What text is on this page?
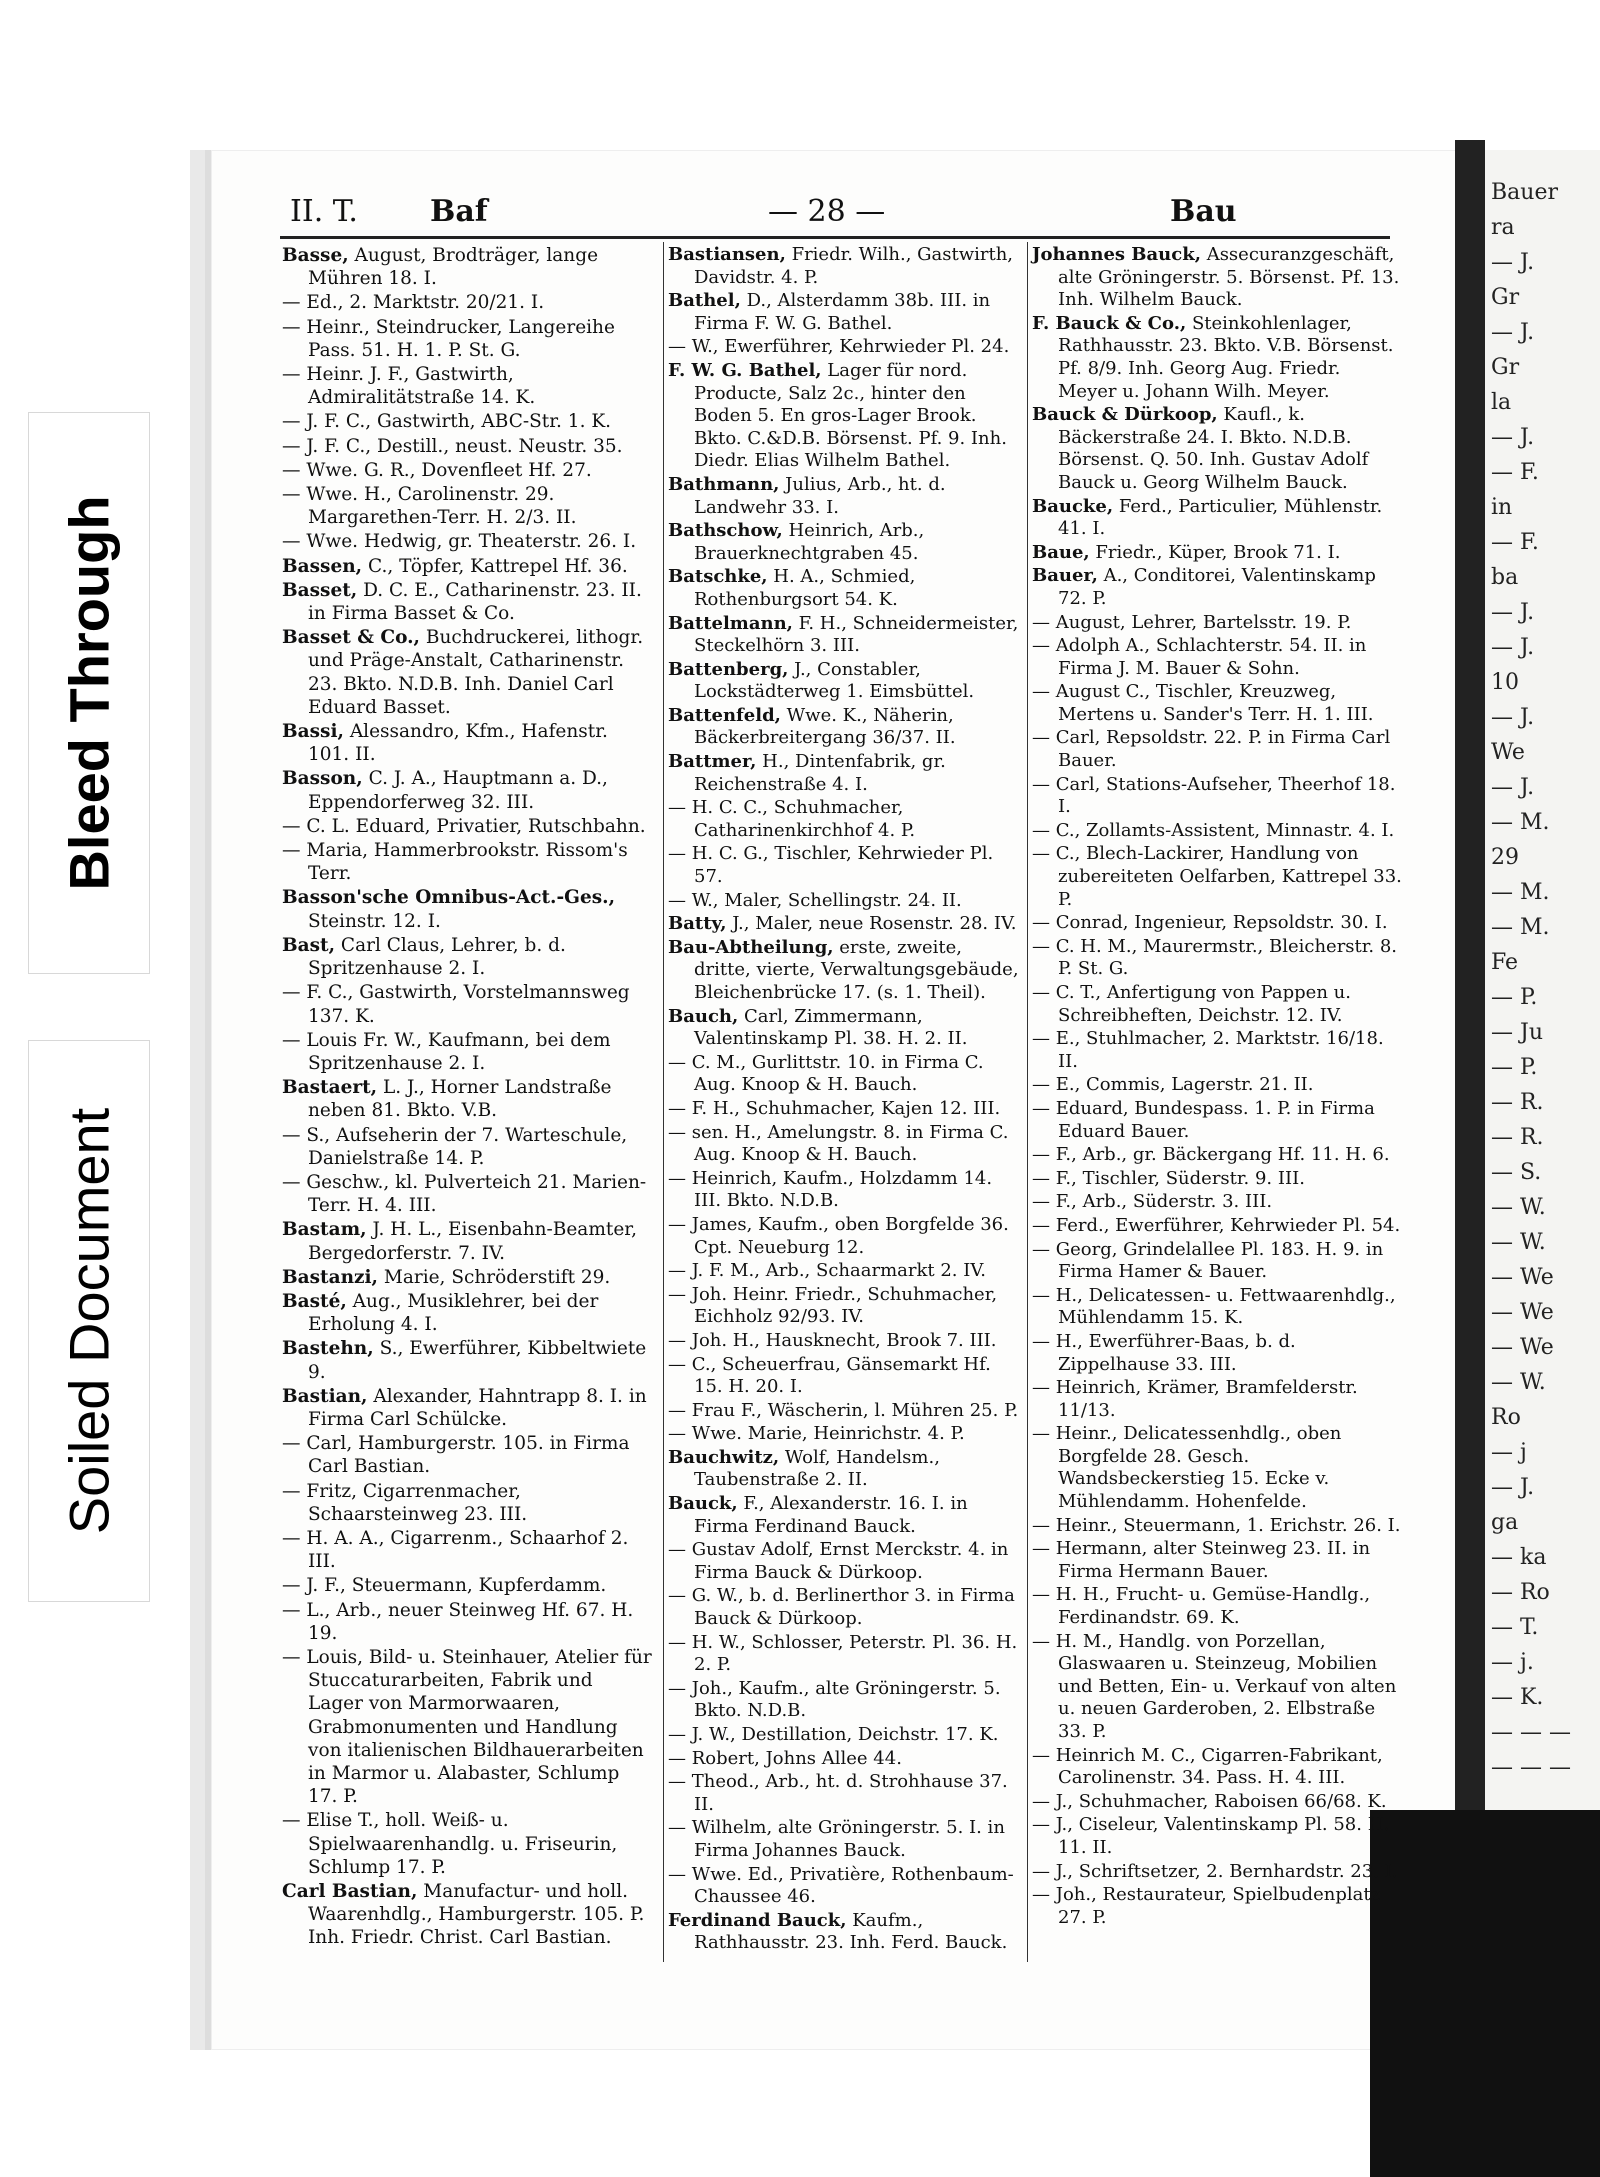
Bleed Through
Soiled Document
Bauer
ra
— J.
Gr
— J.
Gr
la
— J.
— F.
in
— F.
ba
— J.
— J.
10
— J.
We
— J.
— M.
29
— M.
— M.
Fe
— P.
— Ju
— P.
— R.
— R.
— S.
— W.
— W.
— We
— We
— We
— W.
Ro
— j
— J.
ga
— ka
— Ro
— T.
— j.
— K.
— — —
— — —
II. T. Baf	— 28 —	Bau
Basse, August, Brodträger, lange Mühren 18. I.
— Ed., 2. Marktstr. 20/21. I.
— Heinr., Steindrucker, Langereihe Pass. 51. H. 1. P. St. G.
— Heinr. J. F., Gastwirth, Admiralitätstraße 14. K.
— J. F. C., Gastwirth, ABC-Str. 1. K.
— J. F. C., Destill., neust. Neustr. 35.
— Wwe. G. R., Dovenfleet Hf. 27.
— Wwe. H., Carolinenstr. 29. Margarethen-Terr. H. 2/3. II.
— Wwe. Hedwig, gr. Theaterstr. 26. I.
Bassen, C., Töpfer, Kattrepel Hf. 36.
Basset, D. C. E., Catharinenstr. 23. II. in Firma Basset & Co.
Basset & Co., Buchdruckerei, lithogr. und Präge-Anstalt, Catharinenstr. 23. Bkto. N.D.B. Inh. Daniel Carl Eduard Basset.
Bassi, Alessandro, Kfm., Hafenstr. 101. II.
Basson, C. J. A., Hauptmann a. D., Eppendorferweg 32. III.
— C. L. Eduard, Privatier, Rutschbahn.
— Maria, Hammerbrookstr. Rissom's Terr.
Basson'sche Omnibus-Act.-Ges., Steinstr. 12. I.
Bast, Carl Claus, Lehrer, b. d. Spritzenhause 2. I.
— F. C., Gastwirth, Vorstelmannsweg 137. K.
— Louis Fr. W., Kaufmann, bei dem Spritzenhause 2. I.
Bastaert, L. J., Horner Landstraße neben 81. Bkto. V.B.
— S., Aufseherin der 7. Warteschule, Danielstraße 14. P.
— Geschw., kl. Pulverteich 21. Marien-Terr. H. 4. III.
Bastam, J. H. L., Eisenbahn-Beamter, Bergedorferstr. 7. IV.
Bastanzi, Marie, Schröderstift 29.
Basté, Aug., Musiklehrer, bei der Erholung 4. I.
Bastehn, S., Ewerführer, Kibbeltwiete 9.
Bastian, Alexander, Hahntrapp 8. I. in Firma Carl Schülcke.
— Carl, Hamburgerstr. 105. in Firma Carl Bastian.
— Fritz, Cigarrenmacher, Schaarsteinweg 23. III.
— H. A. A., Cigarrenm., Schaarhof 2. III.
— J. F., Steuermann, Kupferdamm.
— L., Arb., neuer Steinweg Hf. 67. H. 19.
— Louis, Bild- u. Steinhauer, Atelier für Stuccaturarbeiten, Fabrik und Lager von Marmorwaaren, Grabmonumenten und Handlung von italienischen Bildhauerarbeiten in Marmor u. Alabaster, Schlump 17. P.
— Elise T., holl. Weiß- u. Spielwaarenhandlg. u. Friseurin, Schlump 17. P.
Carl Bastian, Manufactur- und holl. Waarenhdlg., Hamburgerstr. 105. P. Inh. Friedr. Christ. Carl Bastian.
Bastiansen, Friedr. Wilh., Gastwirth, Davidstr. 4. P.
Bathel, D., Alsterdamm 38b. III. in Firma F. W. G. Bathel.
— W., Ewerführer, Kehrwieder Pl. 24.
F. W. G. Bathel, Lager für nord. Producte, Salz 2c., hinter den Boden 5. En gros-Lager Brook. Bkto. C.&D.B. Börsenst. Pf. 9. Inh. Diedr. Elias Wilhelm Bathel.
Bathmann, Julius, Arb., ht. d. Landwehr 33. I.
Bathschow, Heinrich, Arb., Brauerknechtgraben 45.
Batschke, H. A., Schmied, Rothenburgsort 54. K.
Battelmann, F. H., Schneidermeister, Steckelhörn 3. III.
Battenberg, J., Constabler, Lockstädterweg 1. Eimsbüttel.
Battenfeld, Wwe. K., Näherin, Bäckerbreitergang 36/37. II.
Battmer, H., Dintenfabrik, gr. Reichenstraße 4. I.
— H. C. C., Schuhmacher, Catharinenkirchhof 4. P.
— H. C. G., Tischler, Kehrwieder Pl. 57.
— W., Maler, Schellingstr. 24. II.
Batty, J., Maler, neue Rosenstr. 28. IV.
Bau-Abtheilung, erste, zweite, dritte, vierte, Verwaltungsgebäude, Bleichenbrücke 17. (s. 1. Theil).
Bauch, Carl, Zimmermann, Valentinskamp Pl. 38. H. 2. II.
— C. M., Gurlittstr. 10. in Firma C. Aug. Knoop & H. Bauch.
— F. H., Schuhmacher, Kajen 12. III.
— sen. H., Amelungstr. 8. in Firma C. Aug. Knoop & H. Bauch.
— Heinrich, Kaufm., Holzdamm 14. III. Bkto. N.D.B.
— James, Kaufm., oben Borgfelde 36. Cpt. Neueburg 12.
— J. F. M., Arb., Schaarmarkt 2. IV.
— Joh. Heinr. Friedr., Schuhmacher, Eichholz 92/93. IV.
— Joh. H., Hausknecht, Brook 7. III.
— C., Scheuerfrau, Gänsemarkt Hf. 15. H. 20. I.
— Frau F., Wäscherin, l. Mühren 25. P.
— Wwe. Marie, Heinrichstr. 4. P.
Bauchwitz, Wolf, Handelsm., Taubenstraße 2. II.
Bauck, F., Alexanderstr. 16. I. in Firma Ferdinand Bauck.
— Gustav Adolf, Ernst Merckstr. 4. in Firma Bauck & Dürkoop.
— G. W., b. d. Berlinerthor 3. in Firma Bauck & Dürkoop.
— H. W., Schlosser, Peterstr. Pl. 36. H. 2. P.
— Joh., Kaufm., alte Gröningerstr. 5. Bkto. N.D.B.
— J. W., Destillation, Deichstr. 17. K.
— Robert, Johns Allee 44.
— Theod., Arb., ht. d. Strohhause 37. II.
— Wilhelm, alte Gröningerstr. 5. I. in Firma Johannes Bauck.
— Wwe. Ed., Privatière, Rothenbaum-Chaussee 46.
Ferdinand Bauck, Kaufm., Rathhausstr. 23. Inh. Ferd. Bauck.
Johannes Bauck, Assecuranzgeschäft, alte Gröningerstr. 5. Börsenst. Pf. 13. Inh. Wilhelm Bauck.
F. Bauck & Co., Steinkohlenlager, Rathhausstr. 23. Bkto. V.B. Börsenst. Pf. 8/9. Inh. Georg Aug. Friedr. Meyer u. Johann Wilh. Meyer.
Bauck & Dürkoop, Kaufl., k. Bäckerstraße 24. I. Bkto. N.D.B. Börsenst. Q. 50. Inh. Gustav Adolf Bauck u. Georg Wilhelm Bauck.
Baucke, Ferd., Particulier, Mühlenstr. 41. I.
Baue, Friedr., Küper, Brook 71. I.
Bauer, A., Conditorei, Valentinskamp 72. P.
— August, Lehrer, Bartelsstr. 19. P.
— Adolph A., Schlachterstr. 54. II. in Firma J. M. Bauer & Sohn.
— August C., Tischler, Kreuzweg, Mertens u. Sander's Terr. H. 1. III.
— Carl, Repsoldstr. 22. P. in Firma Carl Bauer.
— Carl, Stations-Aufseher, Theerhof 18. I.
— C., Zollamts-Assistent, Minnastr. 4. I.
— C., Blech-Lackirer, Handlung von zubereiteten Oelfarben, Kattrepel 33. P.
— Conrad, Ingenieur, Repsoldstr. 30. I.
— C. H. M., Maurermstr., Bleicherstr. 8. P. St. G.
— C. T., Anfertigung von Pappen u. Schreibheften, Deichstr. 12. IV.
— E., Stuhlmacher, 2. Marktstr. 16/18. II.
— E., Commis, Lagerstr. 21. II.
— Eduard, Bundespass. 1. P. in Firma Eduard Bauer.
— F., Arb., gr. Bäckergang Hf. 11. H. 6.
— F., Tischler, Süderstr. 9. III.
— F., Arb., Süderstr. 3. III.
— Ferd., Ewerführer, Kehrwieder Pl. 54.
— Georg, Grindelallee Pl. 183. H. 9. in Firma Hamer & Bauer.
— H., Delicatessen- u. Fettwaarenhdlg., Mühlendamm 15. K.
— H., Ewerführer-Baas, b. d. Zippelhause 33. III.
— Heinrich, Krämer, Bramfelderstr. 11/13.
— Heinr., Delicatessenhdlg., oben Borgfelde 28. Gesch. Wandsbeckerstieg 15. Ecke v. Mühlendamm. Hohenfelde.
— Heinr., Steuermann, 1. Erichstr. 26. I.
— Hermann, alter Steinweg 23. II. in Firma Hermann Bauer.
— H. H., Frucht- u. Gemüse-Handlg., Ferdinandstr. 69. K.
— H. M., Handlg. von Porzellan, Glaswaaren u. Steinzeug, Mobilien und Betten, Ein- u. Verkauf von alten u. neuen Garderoben, 2. Elbstraße 33. P.
— Heinrich M. C., Cigarren-Fabrikant, Carolinenstr. 34. Pass. H. 4. III.
— J., Schuhmacher, Raboisen 66/68. K.
— J., Ciseleur, Valentinskamp Pl. 58. H. 11. II.
— J., Schriftsetzer, 2. Bernhardstr. 23. I.
— Joh., Restaurateur, Spielbudenplatz 27. P.
